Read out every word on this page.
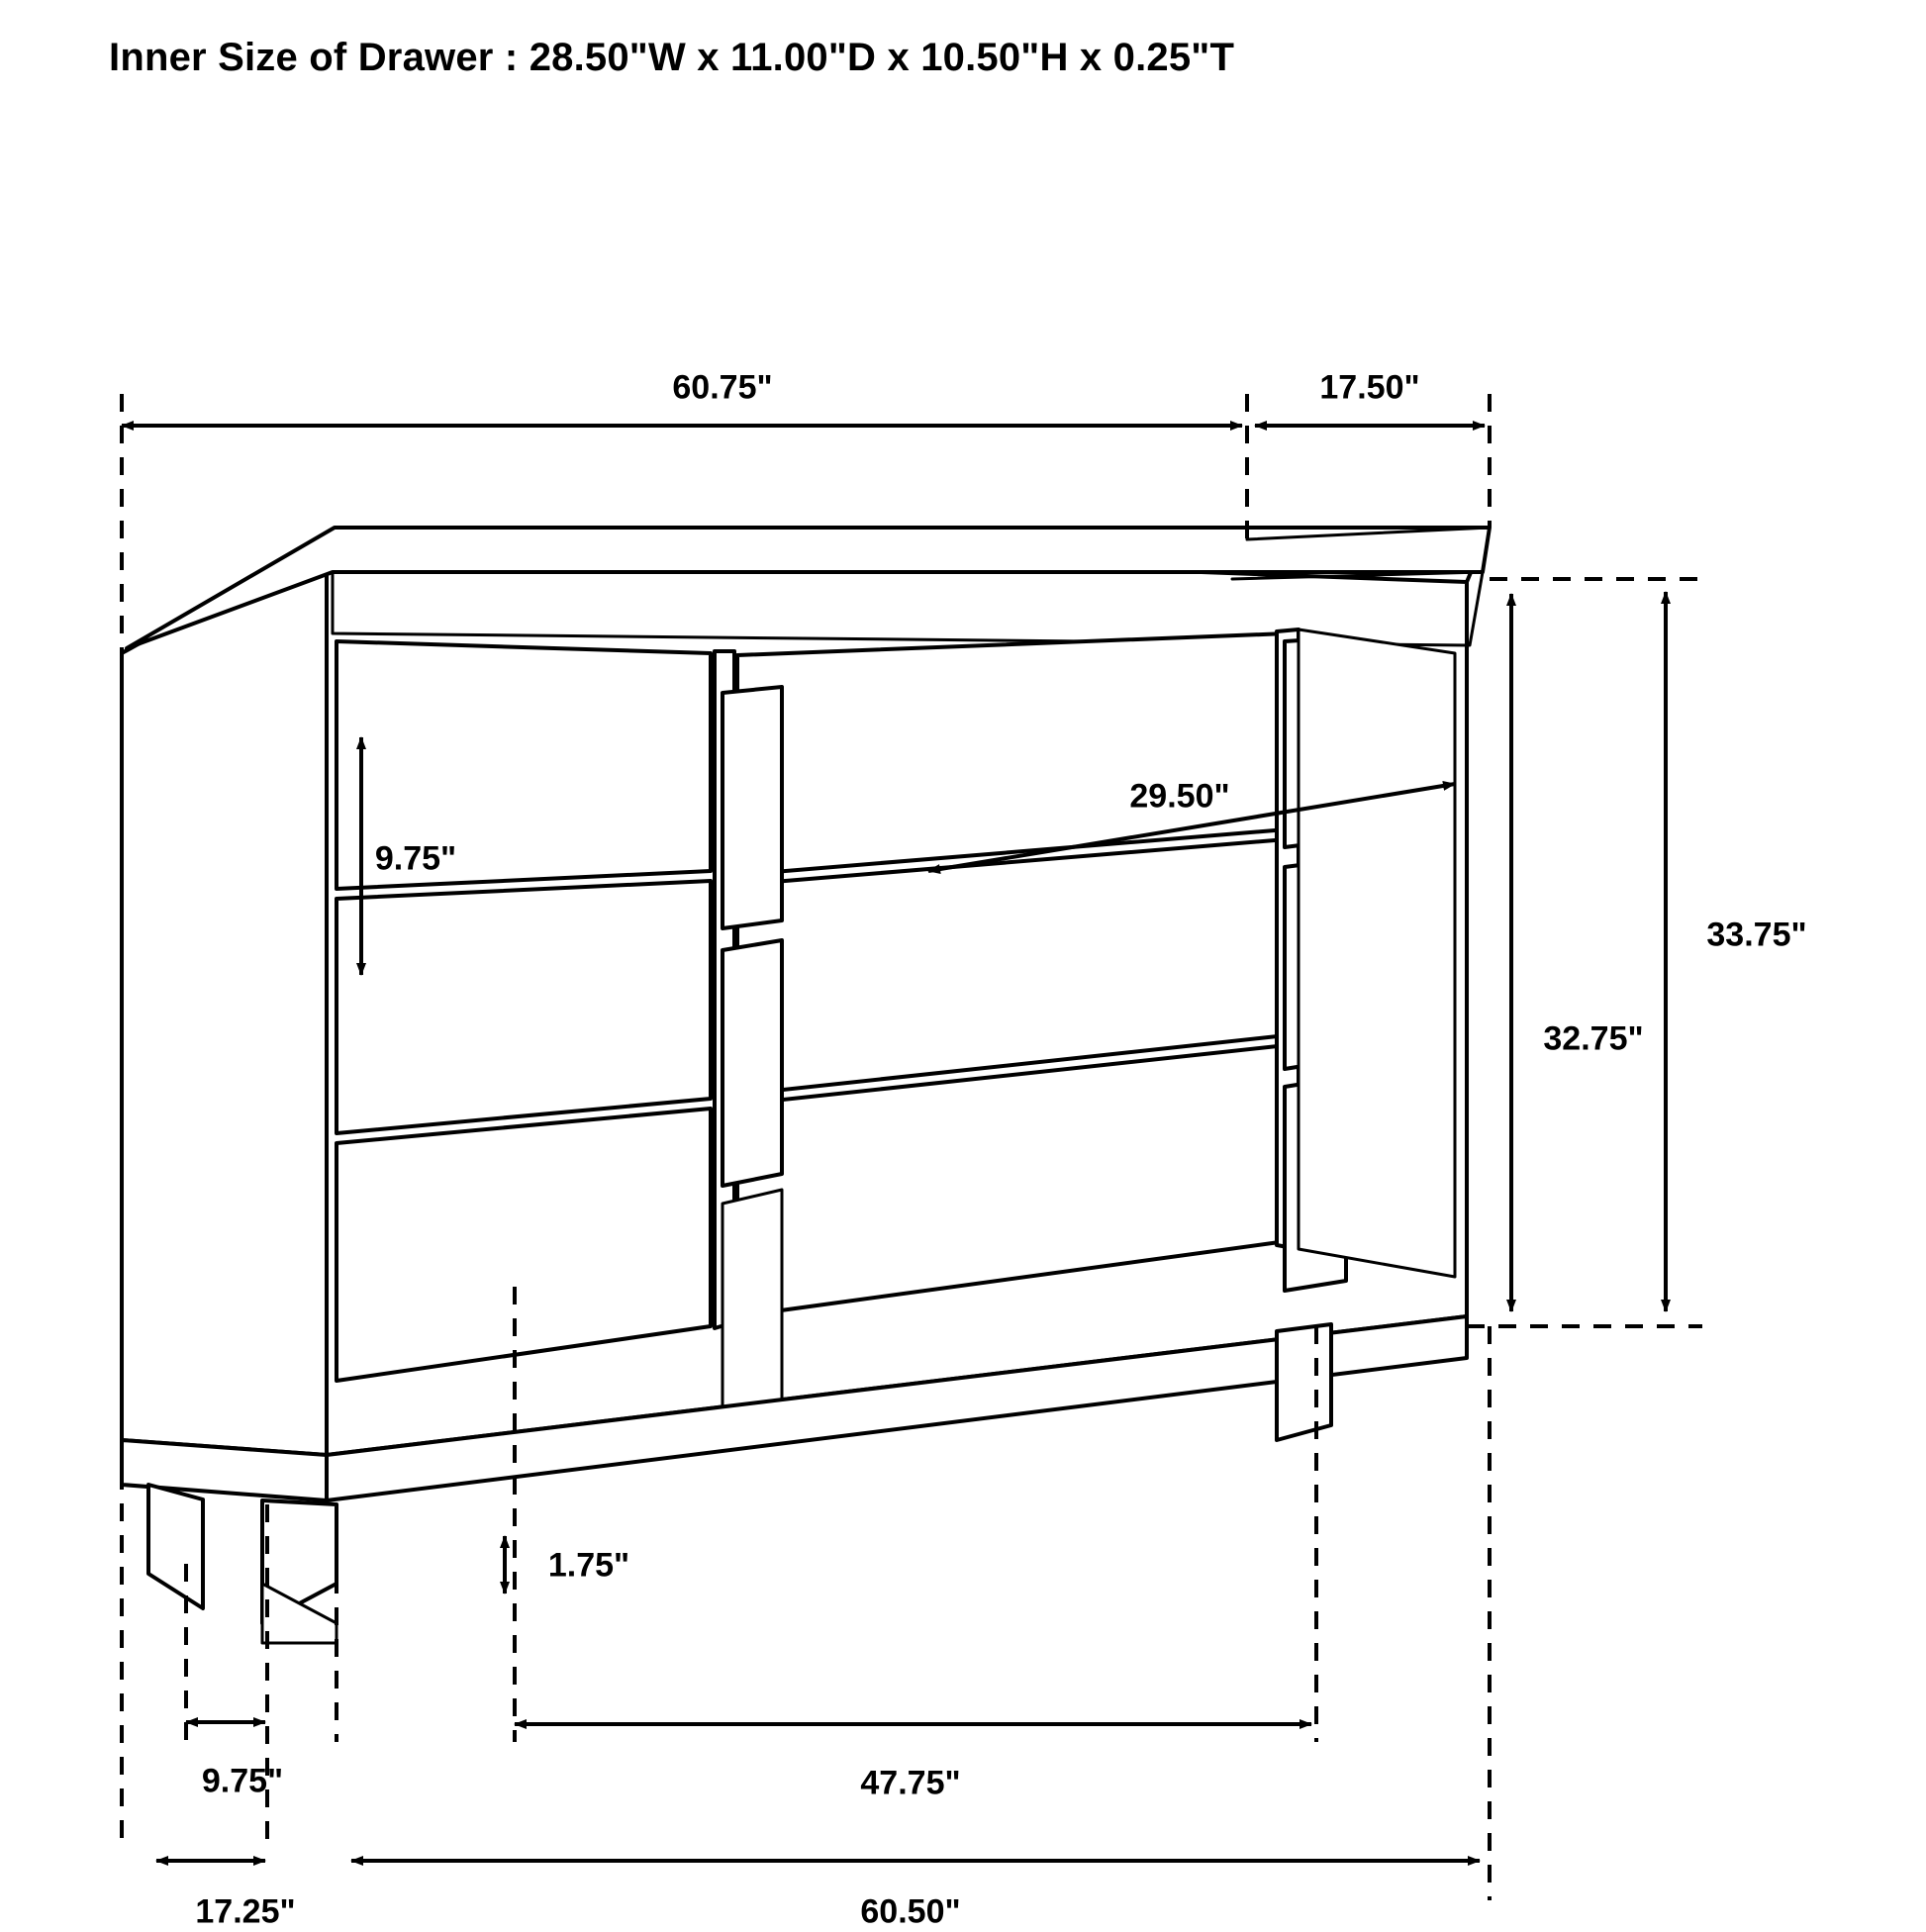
Inner Size of Drawer : 28.50"W x 11.00"D x 10.50"H x 0.25"T
60.75"	17.50"
9.75"
29.50"
32.75"
33.75"
1.75"
9.75"	47.75"
17.25"	60.50"
